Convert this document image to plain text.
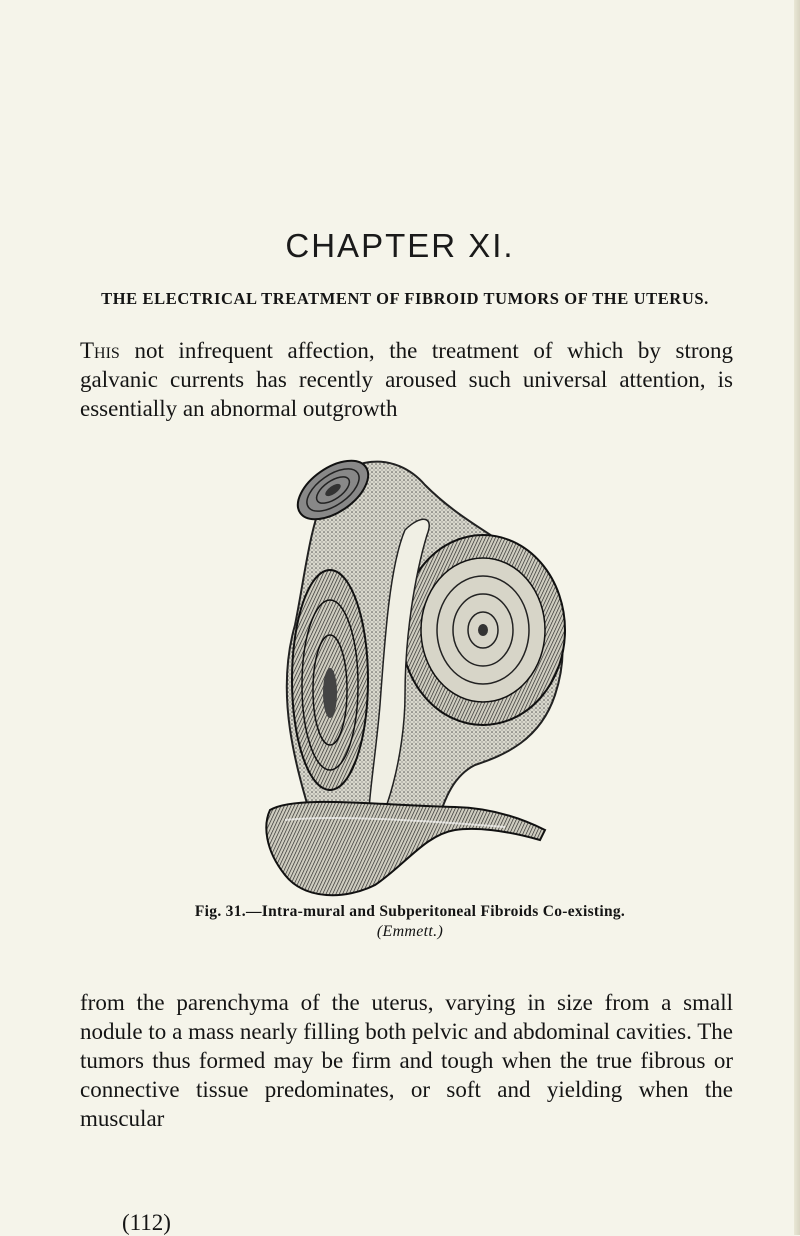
CHAPTER XI.
THE ELECTRICAL TREATMENT OF FIBROID TUMORS OF THE UTERUS.
This not infrequent affection, the treatment of which by strong galvanic currents has recently aroused such universal attention, is essentially an abnormal outgrowth
Fig. 31.—Intra-mural and Subperitoneal Fibroids Co-existing.
(Emmett.)
from the parenchyma of the uterus, varying in size from a small nodule to a mass nearly filling both pelvic and abdominal cavities. The tumors thus formed may be firm and tough when the true fibrous or connective tissue predominates, or soft and yielding when the muscular
(112)
